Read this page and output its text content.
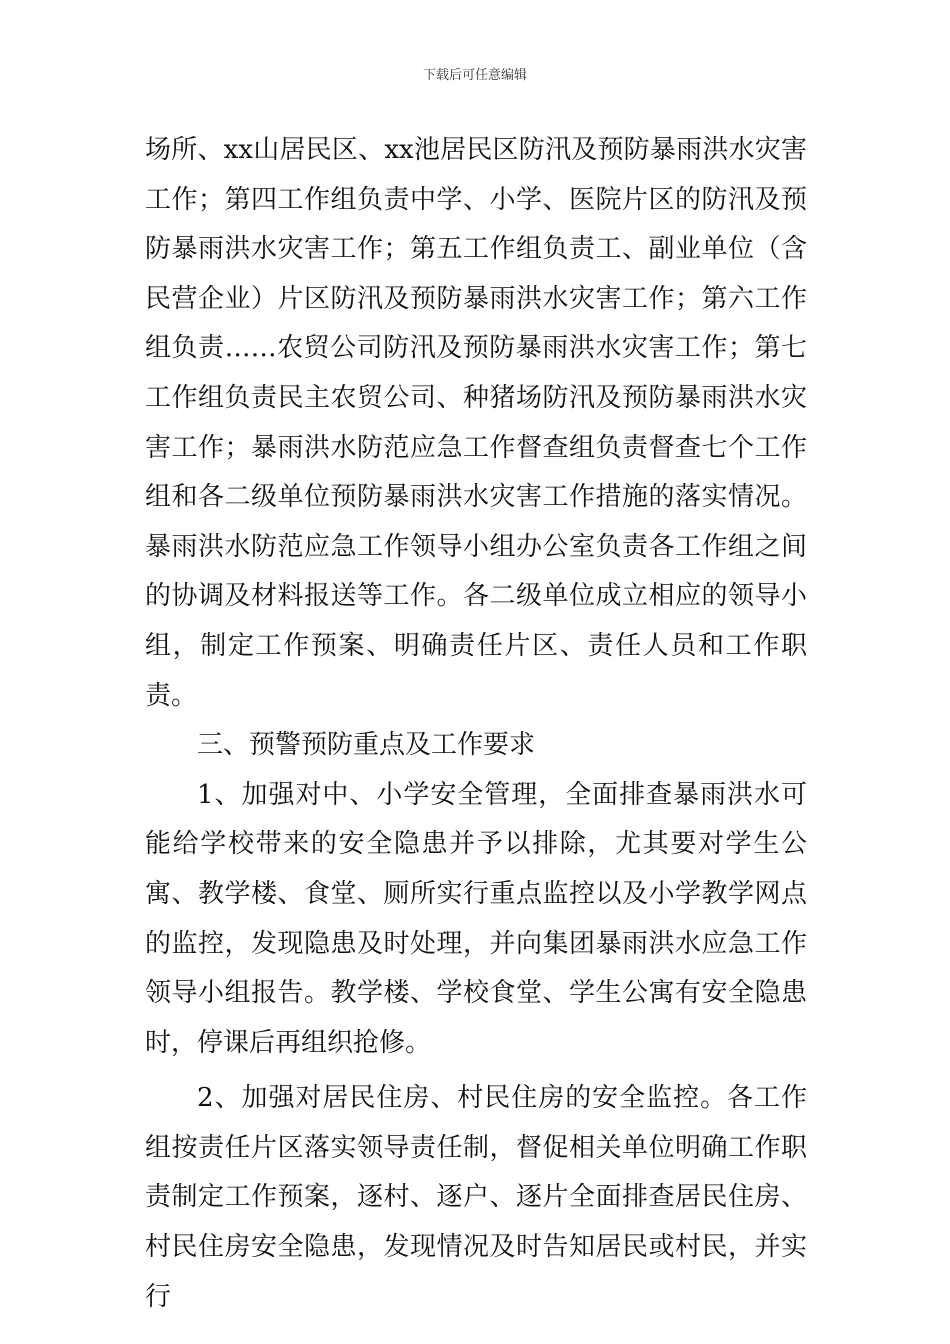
下载后可任意编辑

场所、xx山居民区、xx池居民区防汛及预防暴雨洪水灾害工作；第四工作组负责中学、小学、医院片区的防汛及预防暴雨洪水灾害工作；第五工作组负责工、副业单位（含民营企业）片区防汛及预防暴雨洪水灾害工作；第六工作组负责……农贸公司防汛及预防暴雨洪水灾害工作；第七工作组负责民主农贸公司、种猪场防汛及预防暴雨洪水灾害工作；暴雨洪水防范应急工作督查组负责督查七个工作组和各二级单位预防暴雨洪水灾害工作措施的落实情况。暴雨洪水防范应急工作领导小组办公室负责各工作组之间的协调及材料报送等工作。各二级单位成立相应的领导小组，制定工作预案、明确责任片区、责任人员和工作职责。

三、预警预防重点及工作要求

1、加强对中、小学安全管理，全面排查暴雨洪水可能给学校带来的安全隐患并予以排除，尤其要对学生公寓、教学楼、食堂、厕所实行重点监控以及小学教学网点的监控，发现隐患及时处理，并向集团暴雨洪水应急工作领导小组报告。教学楼、学校食堂、学生公寓有安全隐患时，停课后再组织抢修。

2、加强对居民住房、村民住房的安全监控。各工作组按责任片区落实领导责任制，督促相关单位明确工作职责制定工作预案，逐村、逐户、逐片全面排查居民住房、村民住房安全隐患，发现情况及时告知居民或村民，并实行
